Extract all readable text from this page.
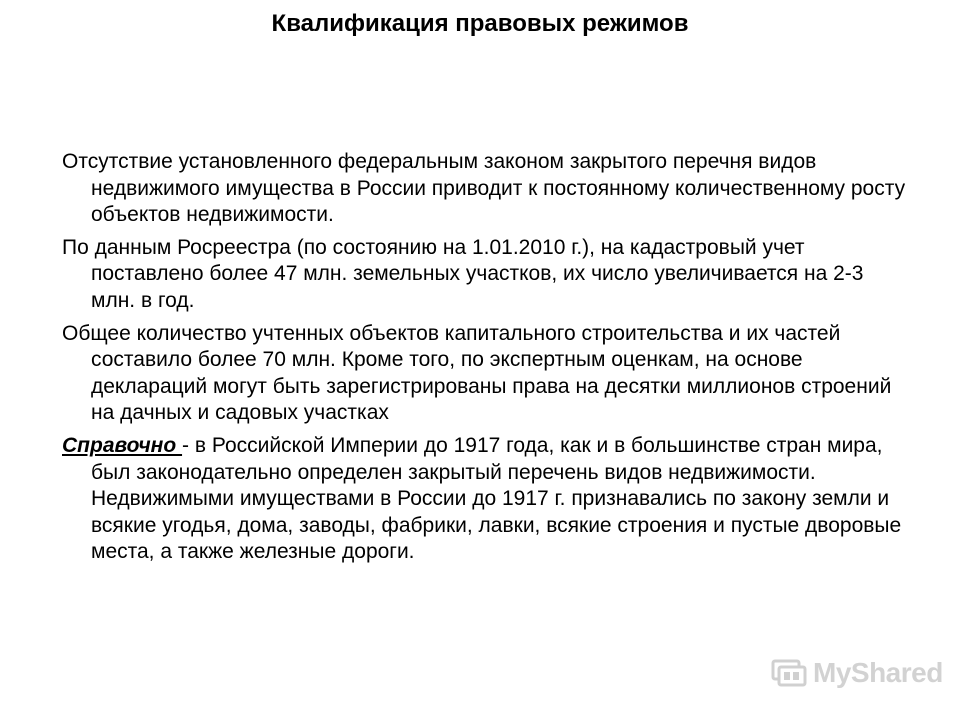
Квалификация правовых режимов

Отсутствие установленного федеральным законом закрытого перечня видов недвижимого имущества в России приводит к постоянному количественному росту объектов недвижимости.

По данным Росреестра (по состоянию на 1.01.2010 г.), на кадастровый учет поставлено более 47 млн. земельных участков, их число увеличивается на 2-3 млн. в год.

Общее количество учтенных объектов капитального строительства и их частей составило более 70 млн. Кроме того, по экспертным оценкам, на основе деклараций могут быть зарегистрированы права на десятки миллионов строений на дачных и садовых участках

Справочно - в Российской Империи до 1917 года, как и в большинстве стран мира, был законодательно определен закрытый перечень видов недвижимости. Недвижимыми имуществами в России до 1917 г. признавались по закону земли и всякие угодья, дома, заводы, фабрики, лавки, всякие строения и пустые дворовые места, а также железные дороги.

MyShared
